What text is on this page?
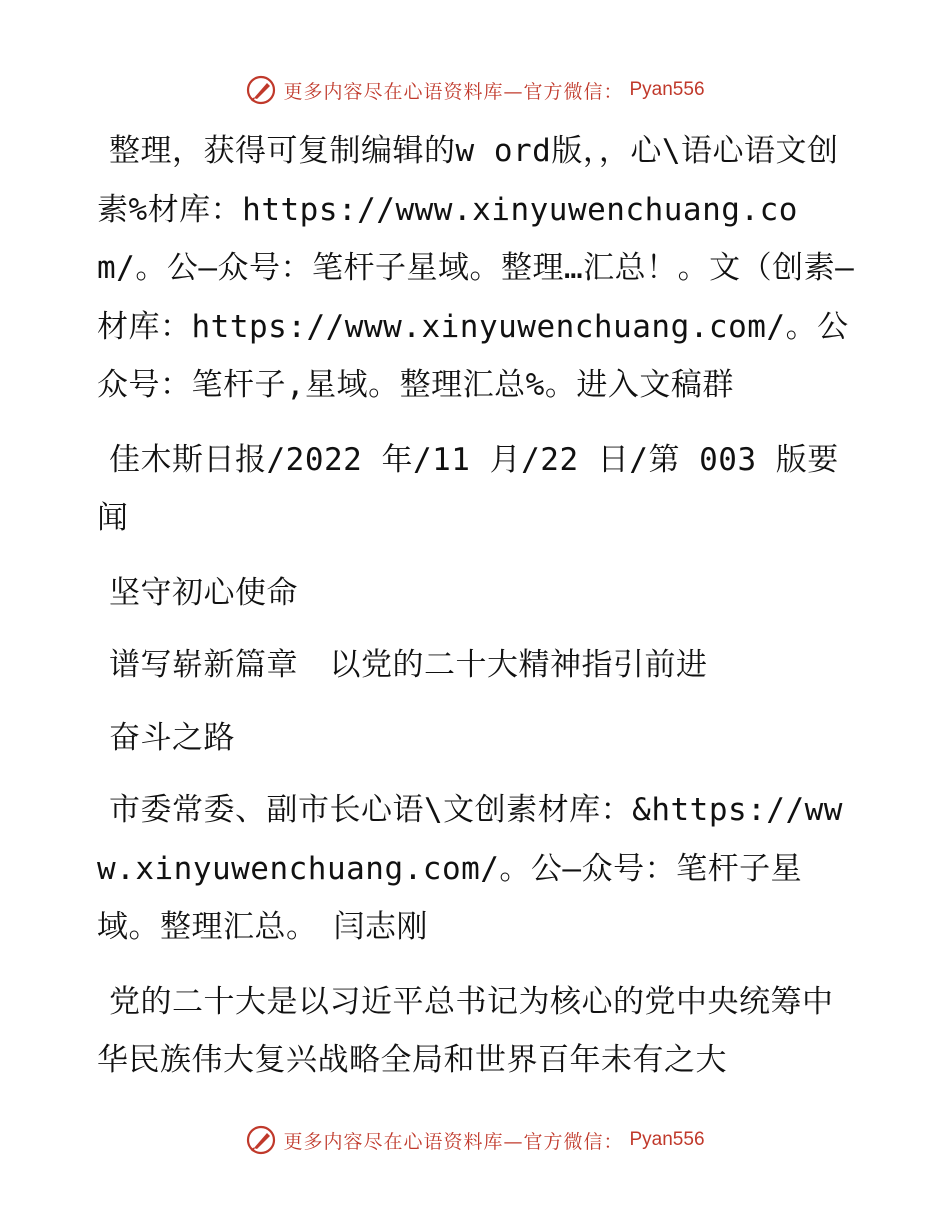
更多内容尽在心语资料库—官方微信： Pyan556

整理，获得可复制编辑的w ord版，，心\语心语文创素%材库：https://www.xinyuwenchuang.com/。公—众号：笔杆子星域。整理…汇总！。文（创素—材库：https://www.xinyuwenchuang.com/。公众号：笔杆子,星域。整理汇总%。进入文稿群

佳木斯日报/2022 年/11 月/22 日/第 003 版要闻

坚守初心使命

谱写崭新篇章　以党的二十大精神指引前进

奋斗之路

市委常委、副市长心语\文创素材库：&https://www.xinyuwenchuang.com/。公—众号：笔杆子星域。整理汇总。　闫志刚

党的二十大是以习近平总书记为核心的党中央统筹中华民族伟大复兴战略全局和世界百年未有之大

更多内容尽在心语资料库—官方微信： Pyan556
